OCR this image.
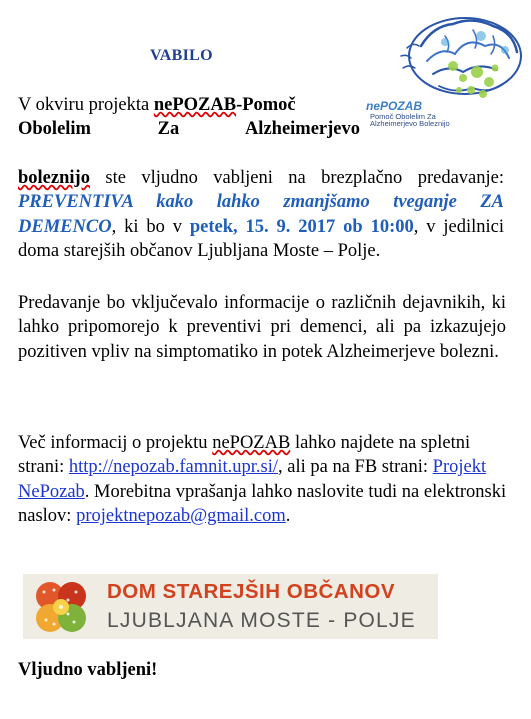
VABILO
nePOZAB
Pomoč Obolelim Za
Alzheimerjevo Boleznijo
V okviru projekta nePOZAB-Pomoč
Obolelim	Za	Alzheimerjevo
boleznijo ste vljudno vabljeni na brezplačno predavanje: PREVENTIVA kako lahko zmanjšamo tveganje ZA DEMENCO, ki bo v petek, 15. 9. 2017 ob 10:00, v jedilnici doma starejših občanov Ljubljana Moste – Polje.
Predavanje bo vključevalo informacije o različnih dejavnikih, ki lahko pripomorejo k preventivi pri demenci, ali pa izkazujejo pozitiven vpliv na simptomatiko in potek Alzheimerjeve bolezni.
Več informacij o projektu nePOZAB lahko najdete na spletni strani: http://nepozab.famnit.upr.si/, ali pa na FB strani: Projekt NePozab. Morebitna vprašanja lahko naslovite tudi na elektronski naslov: projektnepozab@gmail.com.
DOM STAREJŠIH OBČANOV
LJUBLJANA MOSTE - POLJE
Vljudno vabljeni!
